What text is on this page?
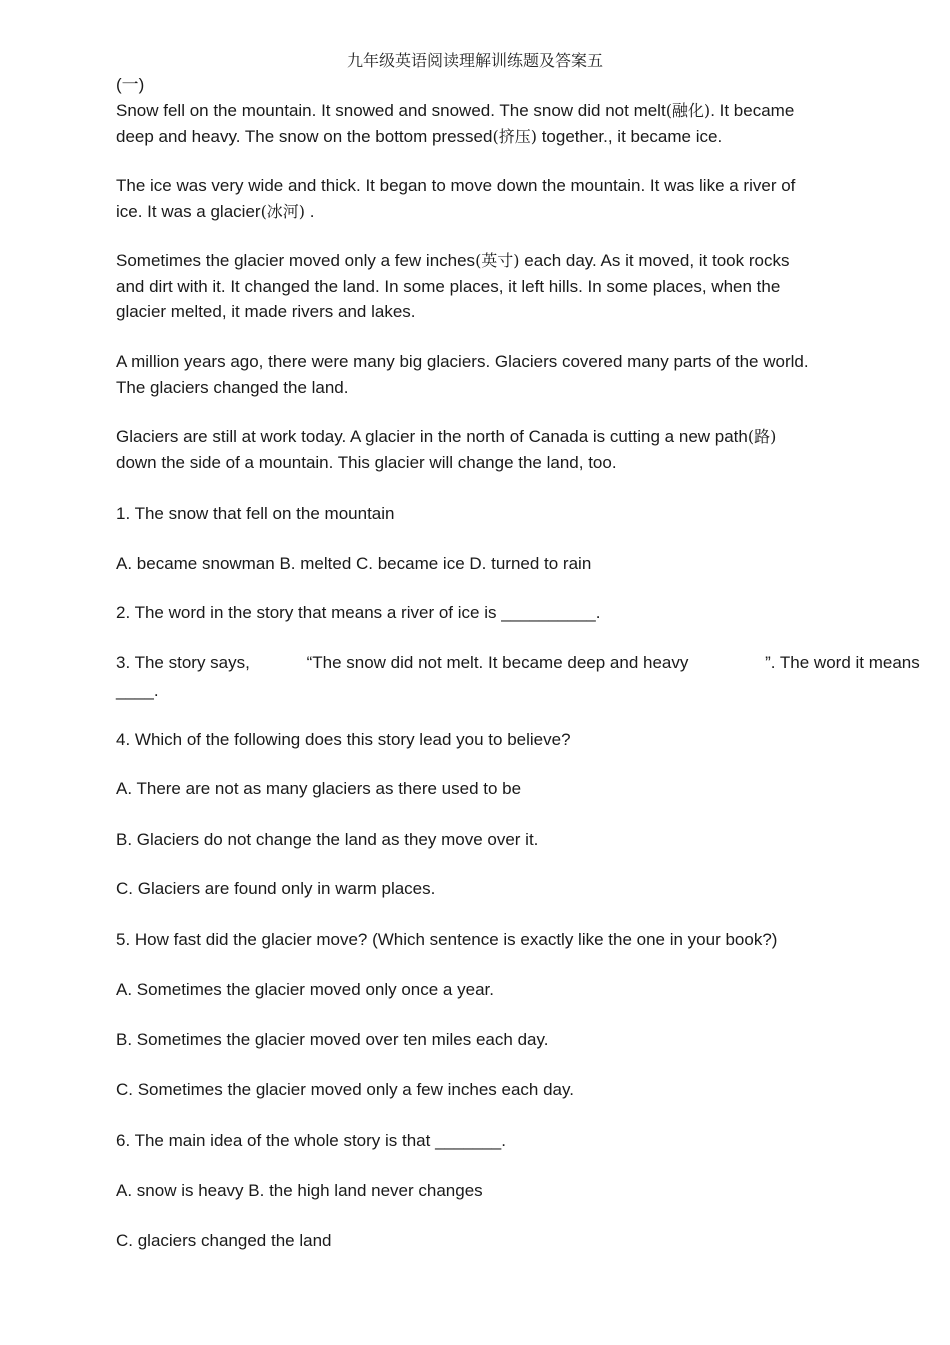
九年级英语阅读理解训练题及答案五
(一)
Snow fell on the mountain. It snowed and snowed. The snow did not melt(融化). It became
deep and heavy. The snow on the bottom pressed(挤压) together., it became ice.
The ice was very wide and thick. It began to move down the mountain. It was like a river of
ice. It was a glacier(冰河) .
Sometimes the glacier moved only a few inches(英寸) each day. As it moved, it took rocks
and dirt with it. It changed the land. In some places, it left hills. In some places, when the
glacier melted, it made rivers and lakes.
A million years ago, there were many big glaciers. Glaciers covered many parts of the world.
The glaciers changed the land.
Glaciers are still at work today. A glacier in the north of Canada is cutting a new path(路)
down the side of a mountain. This glacier will change the land, too.
1. The snow that fell on the mountain
A. became snowman B. melted C. became ice D. turned to rain
2. The word in the story that means a river of ice is __________.
3. The story says,	“The snow did not melt. It became deep and heavy	”. The word it means
____.
4. Which of the following does this story lead you to believe?
A. There are not as many glaciers as there used to be
B. Glaciers do not change the land as they move over it.
C. Glaciers are found only in warm places.
5. How fast did the glacier move? (Which sentence is exactly like the one in your book?)
A. Sometimes the glacier moved only once a year.
B. Sometimes the glacier moved over ten miles each day.
C. Sometimes the glacier moved only a few inches each day.
6. The main idea of the whole story is that _______.
A. snow is heavy B. the high land never changes
C. glaciers changed the land
